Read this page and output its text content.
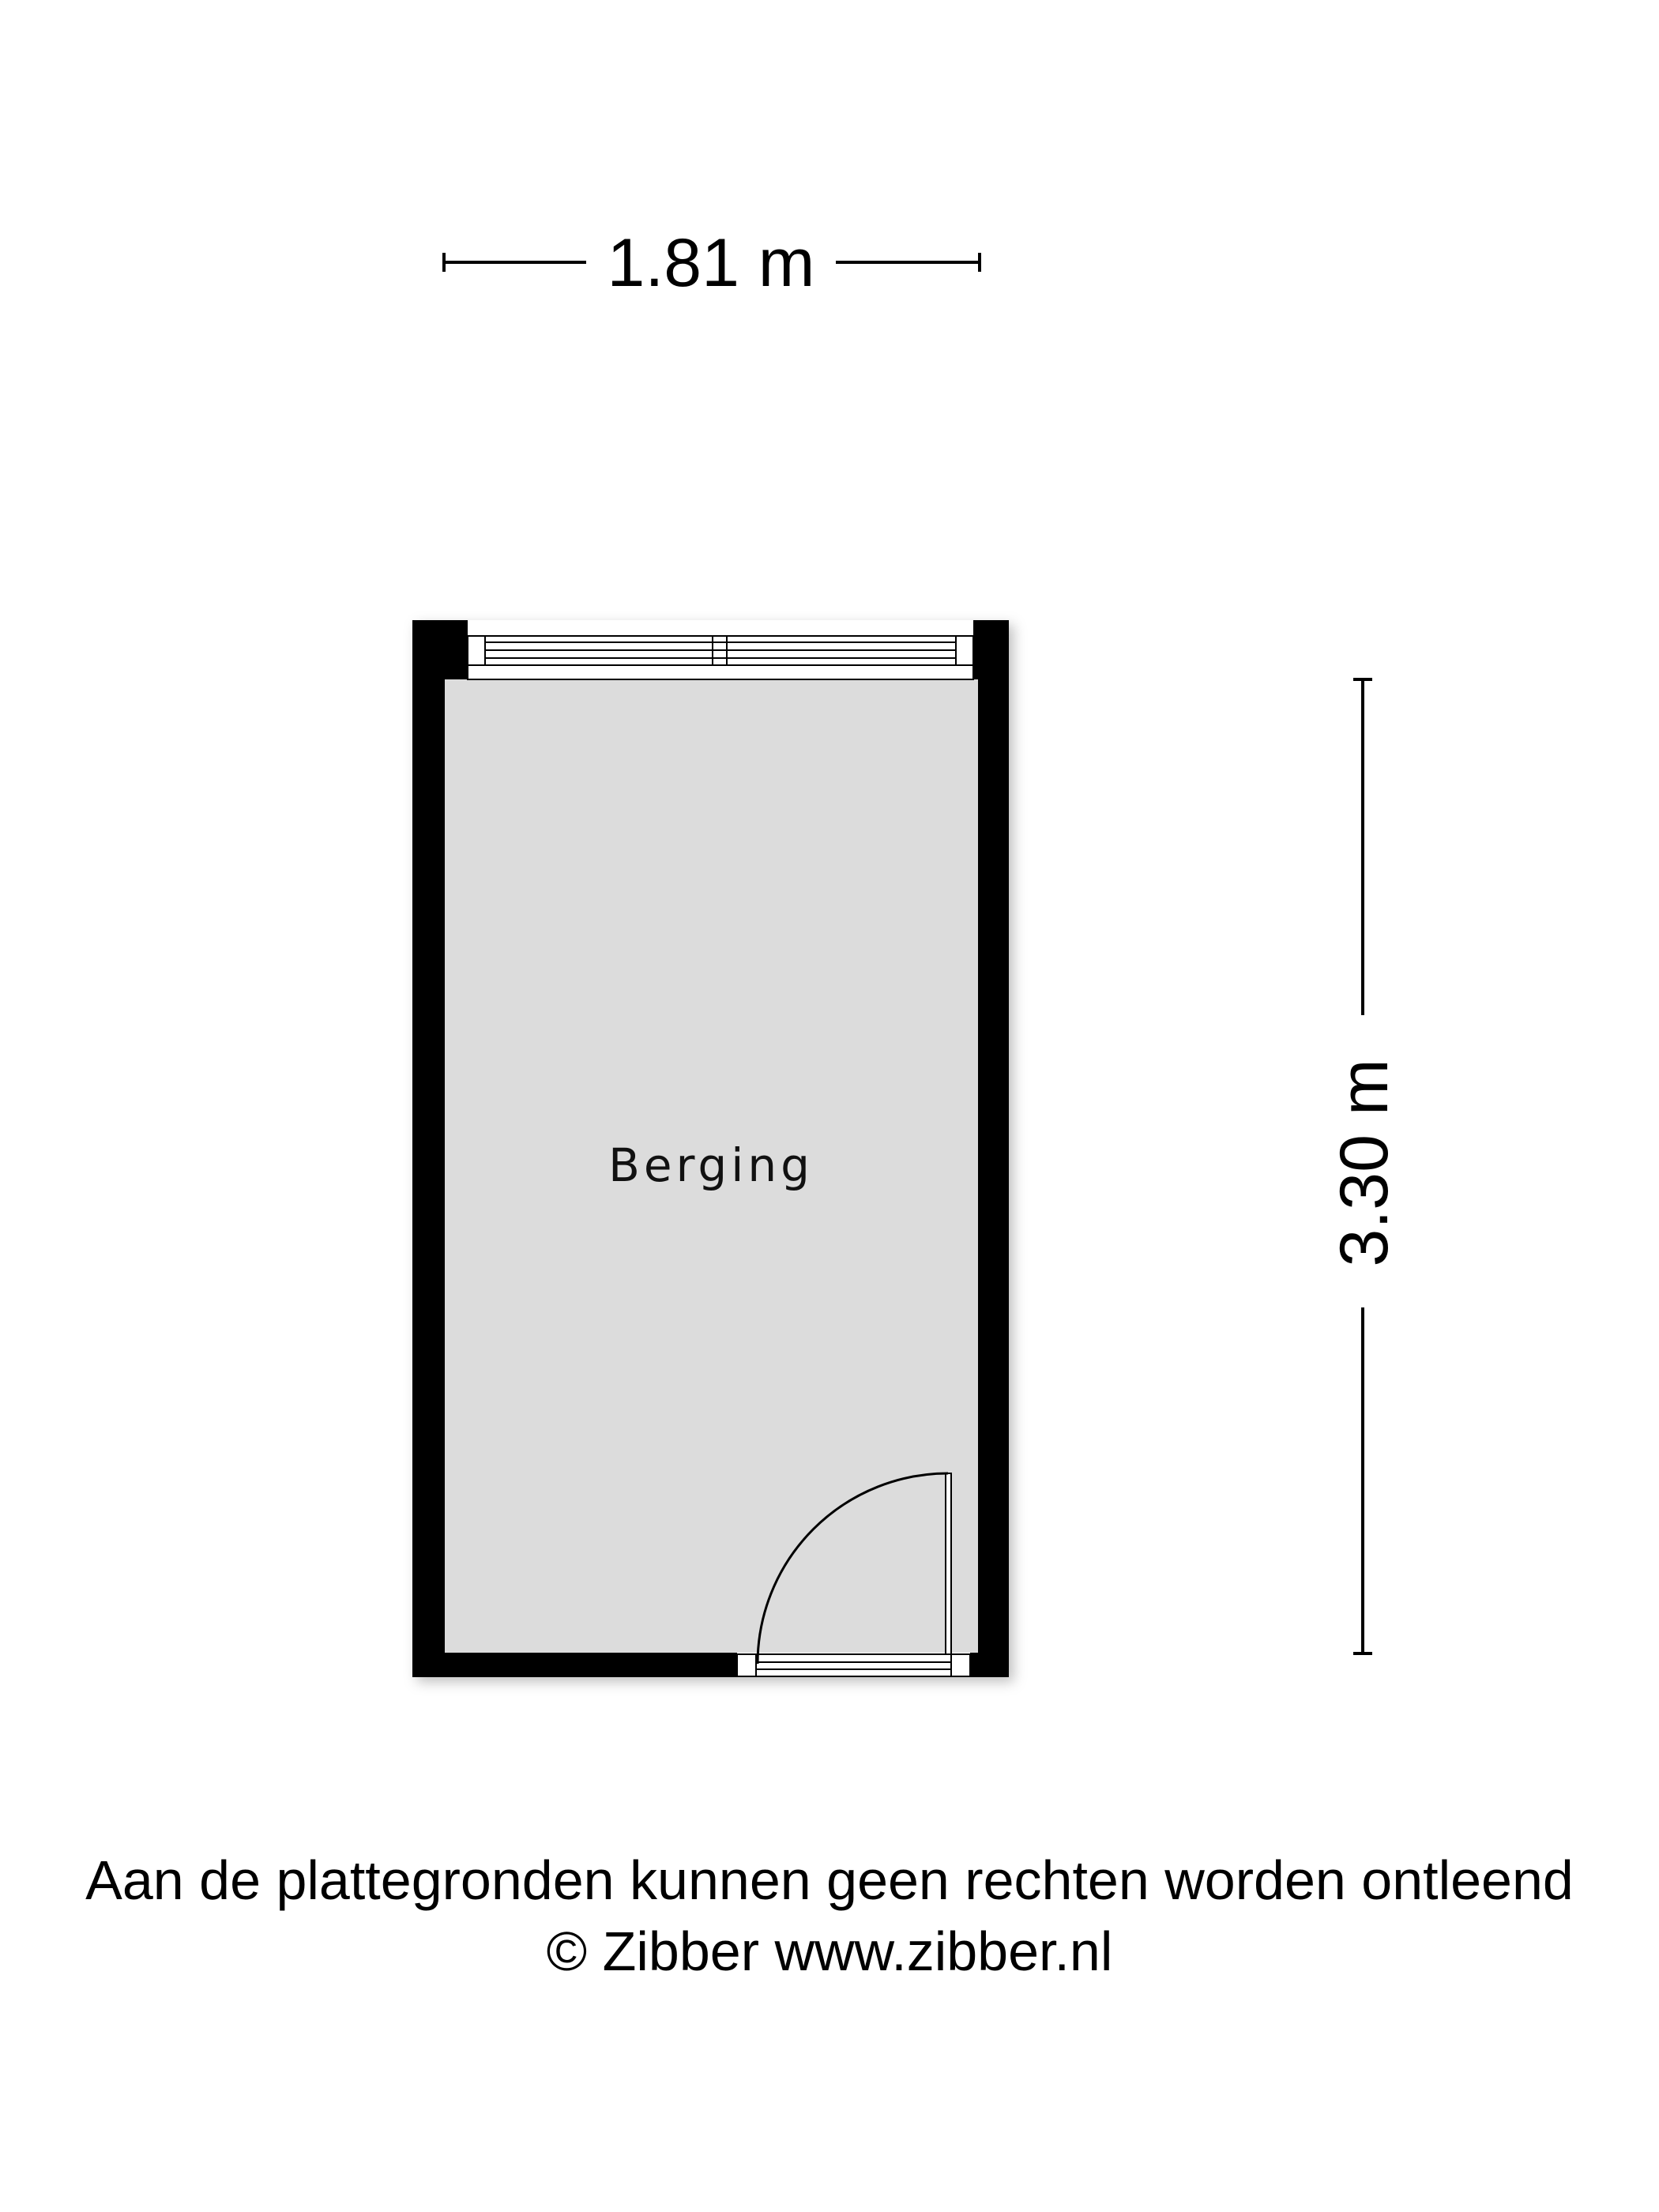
1.81 m
3.30 m
Berging
Aan de plattegronden kunnen geen rechten worden ontleend
© Zibber www.zibber.nl
